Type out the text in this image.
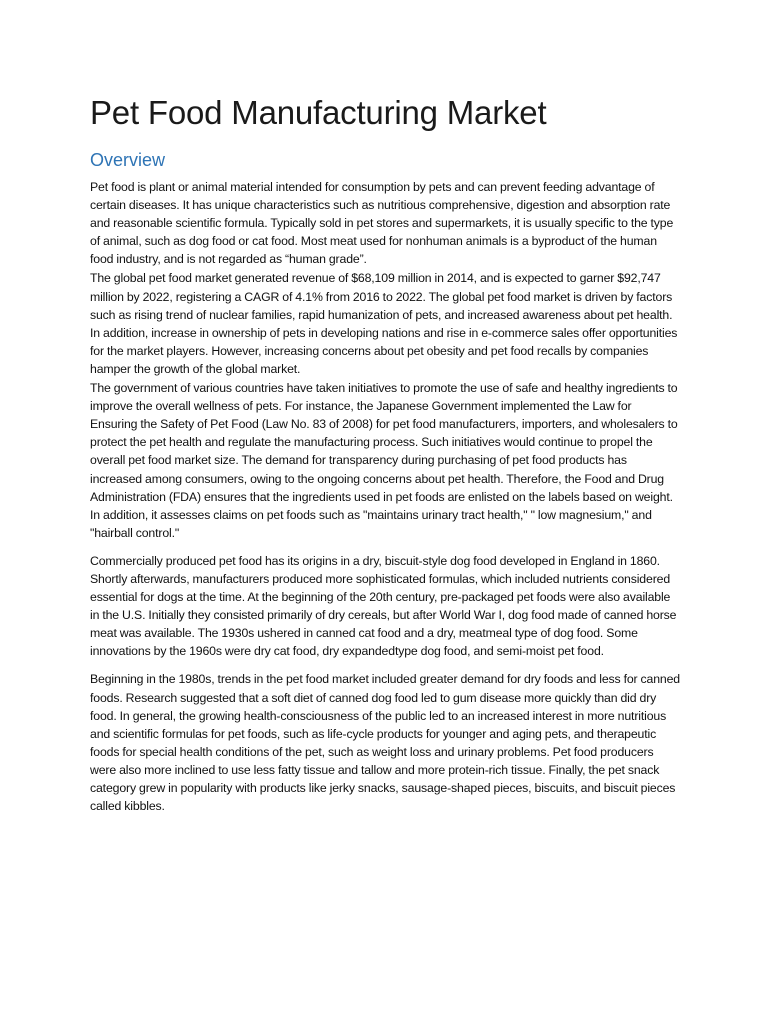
Pet Food Manufacturing Market
Overview

Pet food is plant or animal material intended for consumption by pets and can prevent feeding advantage of certain diseases. It has unique characteristics such as nutritious comprehensive, digestion and absorption rate and reasonable scientific formula. Typically sold in pet stores and supermarkets, it is usually specific to the type of animal, such as dog food or cat food. Most meat used for nonhuman animals is a byproduct of the human food industry, and is not regarded as “human grade”.

The global pet food market generated revenue of $68,109 million in 2014, and is expected to garner $92,747 million by 2022, registering a CAGR of 4.1% from 2016 to 2022. The global pet food market is driven by factors such as rising trend of nuclear families, rapid humanization of pets, and increased awareness about pet health. In addition, increase in ownership of pets in developing nations and rise in e-commerce sales offer opportunities for the market players. However, increasing concerns about pet obesity and pet food recalls by companies hamper the growth of the global market.

The government of various countries have taken initiatives to promote the use of safe and healthy ingredients to improve the overall wellness of pets. For instance, the Japanese Government implemented the Law for Ensuring the Safety of Pet Food (Law No. 83 of 2008) for pet food manufacturers, importers, and wholesalers to protect the pet health and regulate the manufacturing process. Such initiatives would continue to propel the overall pet food market size. The demand for transparency during purchasing of pet food products has increased among consumers, owing to the ongoing concerns about pet health. Therefore, the Food and Drug Administration (FDA) ensures that the ingredients used in pet foods are enlisted on the labels based on weight. In addition, it assesses claims on pet foods such as "maintains urinary tract health," " low magnesium," and "hairball control."

Commercially produced pet food has its origins in a dry, biscuit-style dog food developed in England in 1860. Shortly afterwards, manufacturers produced more sophisticated formulas, which included nutrients considered essential for dogs at the time. At the beginning of the 20th century, pre-packaged pet foods were also available in the U.S. Initially they consisted primarily of dry cereals, but after World War I, dog food made of canned horse meat was available. The 1930s ushered in canned cat food and a dry, meatmeal type of dog food. Some innovations by the 1960s were dry cat food, dry expandedtype dog food, and semi-moist pet food.

Beginning in the 1980s, trends in the pet food market included greater demand for dry foods and less for canned foods. Research suggested that a soft diet of canned dog food led to gum disease more quickly than did dry food. In general, the growing health-consciousness of the public led to an increased interest in more nutritious and scientific formulas for pet foods, such as life-cycle products for younger and aging pets, and therapeutic foods for special health conditions of the pet, such as weight loss and urinary problems. Pet food producers were also more inclined to use less fatty tissue and tallow and more protein-rich tissue. Finally, the pet snack category grew in popularity with products like jerky snacks, sausage-shaped pieces, biscuits, and biscuit pieces called kibbles.
